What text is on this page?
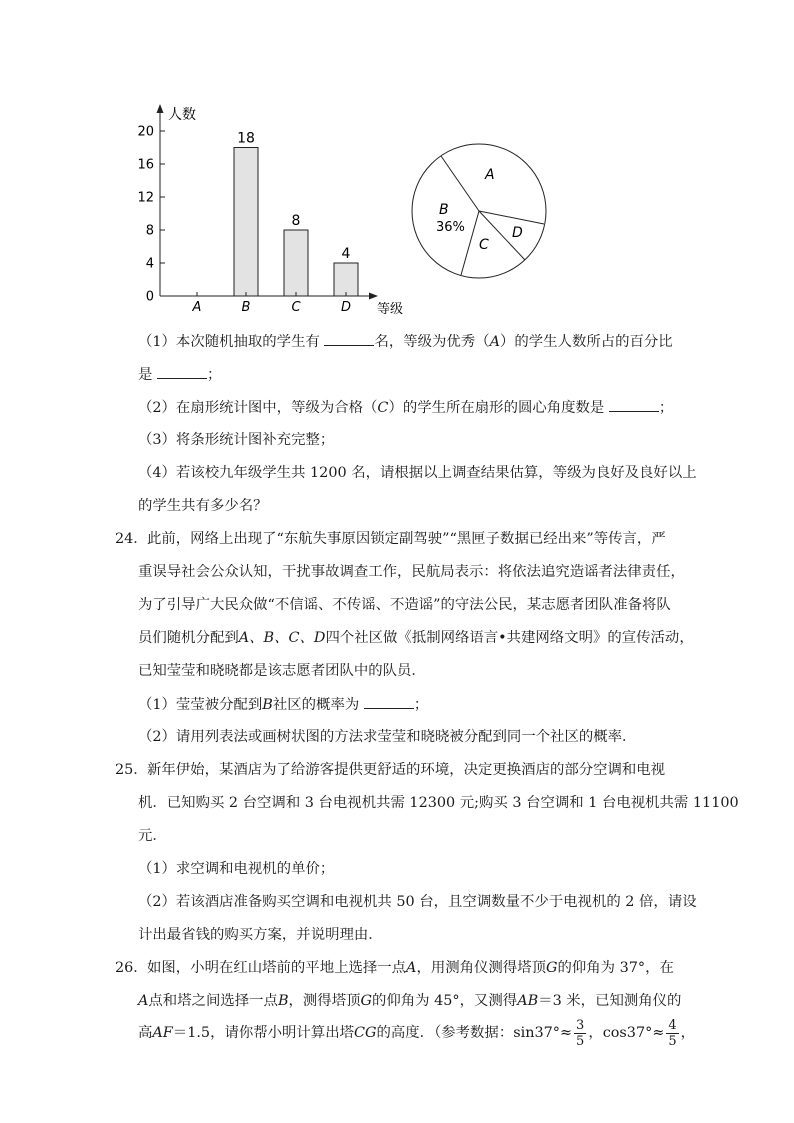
人数
等级
0
4
8
12
16
20
A
18
B
8
C
4
D
A
B
36%
C
D
（1）本次随机抽取的学生有	名，等级为优秀（A）的学生人数所占的百分比
是	；
（2）在扇形统计图中，等级为合格（C）的学生所在扇形的圆心角度数是	；
（3）将条形统计图补充完整；
（4）若该校九年级学生共 1200 名，请根据以上调查结果估算，等级为良好及良好以上
的学生共有多少名？
24． 此前，网络上出现了“东航失事原因锁定副驾驶”“黑匣子数据已经出来”等传言，严
重误导社会公众认知，干扰事故调查工作，民航局表示：将依法追究造谣者法律责任，
为了引导广大民众做“不信谣、不传谣、不造谣”的守法公民，某志愿者团队准备将队
员们随机分配到A、B、C、D四个社区做《抵制网络语言•共建网络文明》的宣传活动，
已知莹莹和晓晓都是该志愿者团队中的队员．
（1）莹莹被分配到B社区的概率为	；
（2）请用列表法或画树状图的方法求莹莹和晓晓被分配到同一个社区的概率．
25． 新年伊始，某酒店为了给游客提供更舒适的环境，决定更换酒店的部分空调和电视
机．已知购买 2 台空调和 3 台电视机共需 12300 元;购买 3 台空调和 1 台电视机共需 11100
元．
（1）求空调和电视机的单价；
（2）若该酒店准备购买空调和电视机共 50 台，且空调数量不少于电视机的 2 倍，请设
计出最省钱的购买方案，并说明理由．
26． 如图，小明在红山塔前的平地上选择一点A，用测角仪测得塔顶G的仰角为 37°，在
A点和塔之间选择一点B，测得塔顶G的仰角为 45°，又测得AB＝3 米，已知测角仪的
高AF＝1.5，请你帮小明计算出塔CG的高度．（参考数据：$\sin 37^\circ\approx \frac{3}{5}$ ，$\cos 37^\circ\approx \frac{4}{5}$ ，
